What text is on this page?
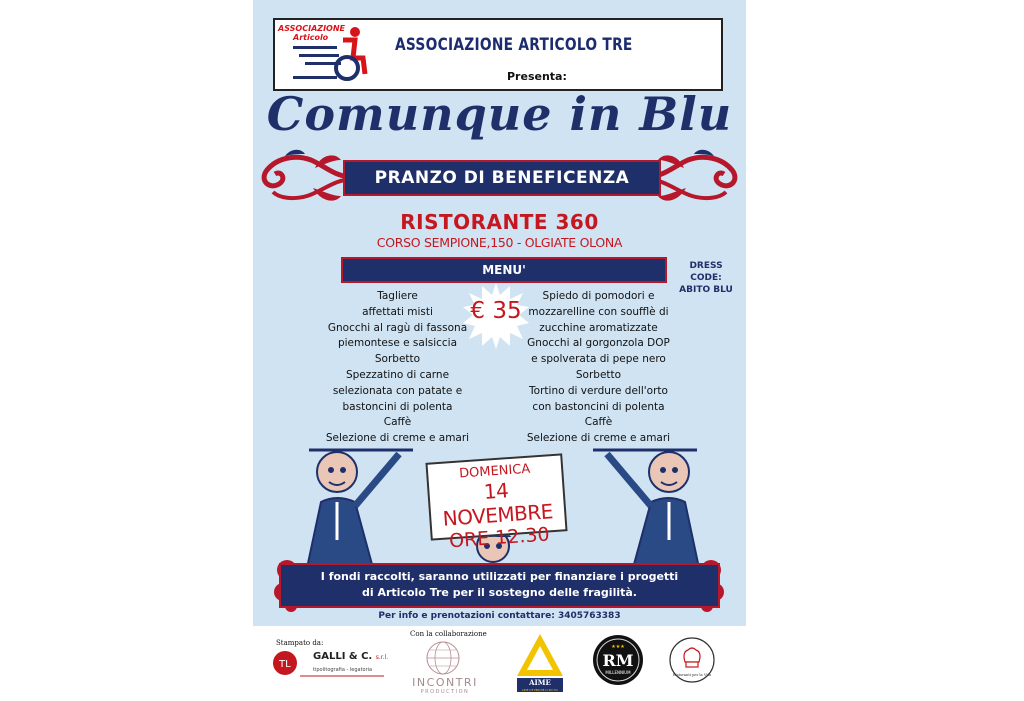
ASSOCIAZIONE
Articolo	ASSOCIAZIONE ARTICOLO TRE
Presenta:
Comunque in Blu
PRANZO DI BENEFICENZA
RISTORANTE 360
CORSO SEMPIONE,150 - OLGIATE OLONA
MENU'	DRESS CODE:
ABITO BLU
Tagliere
affettati misti
Gnocchi al ragù di fassona
piemontese e salsiccia
Sorbetto
Spezzatino di carne
selezionata con patate e
bastoncini di polenta
Caffè
Selezione di creme e amari
€ 35
Spiedo di pomodori e
mozzarelline con soufflè di
zucchine aromatizzate
Gnocchi al gorgonzola DOP
e spolverata di pepe nero
Sorbetto
Tortino di verdure dell'orto
con bastoncini di polenta
Caffè
Selezione di creme e amari
DOMENICA
14 NOVEMBRE
ORE 12.30
I fondi raccolti, saranno utilizzati per finanziare i progetti
di Articolo Tre per il sostegno delle fragilità.
Per info e prenotazioni contattare: 3405763383
Stampato da:
Con la collaborazione
TL
GALLI & C. s.r.l.
tipolitografia - legatoria
INCONTRI
PRODUCTION
AIME
AIME C'È PERCHÉ CI SEI TU!
RM
MILLENNIUM
★★★
Ristoranti per la Vita
